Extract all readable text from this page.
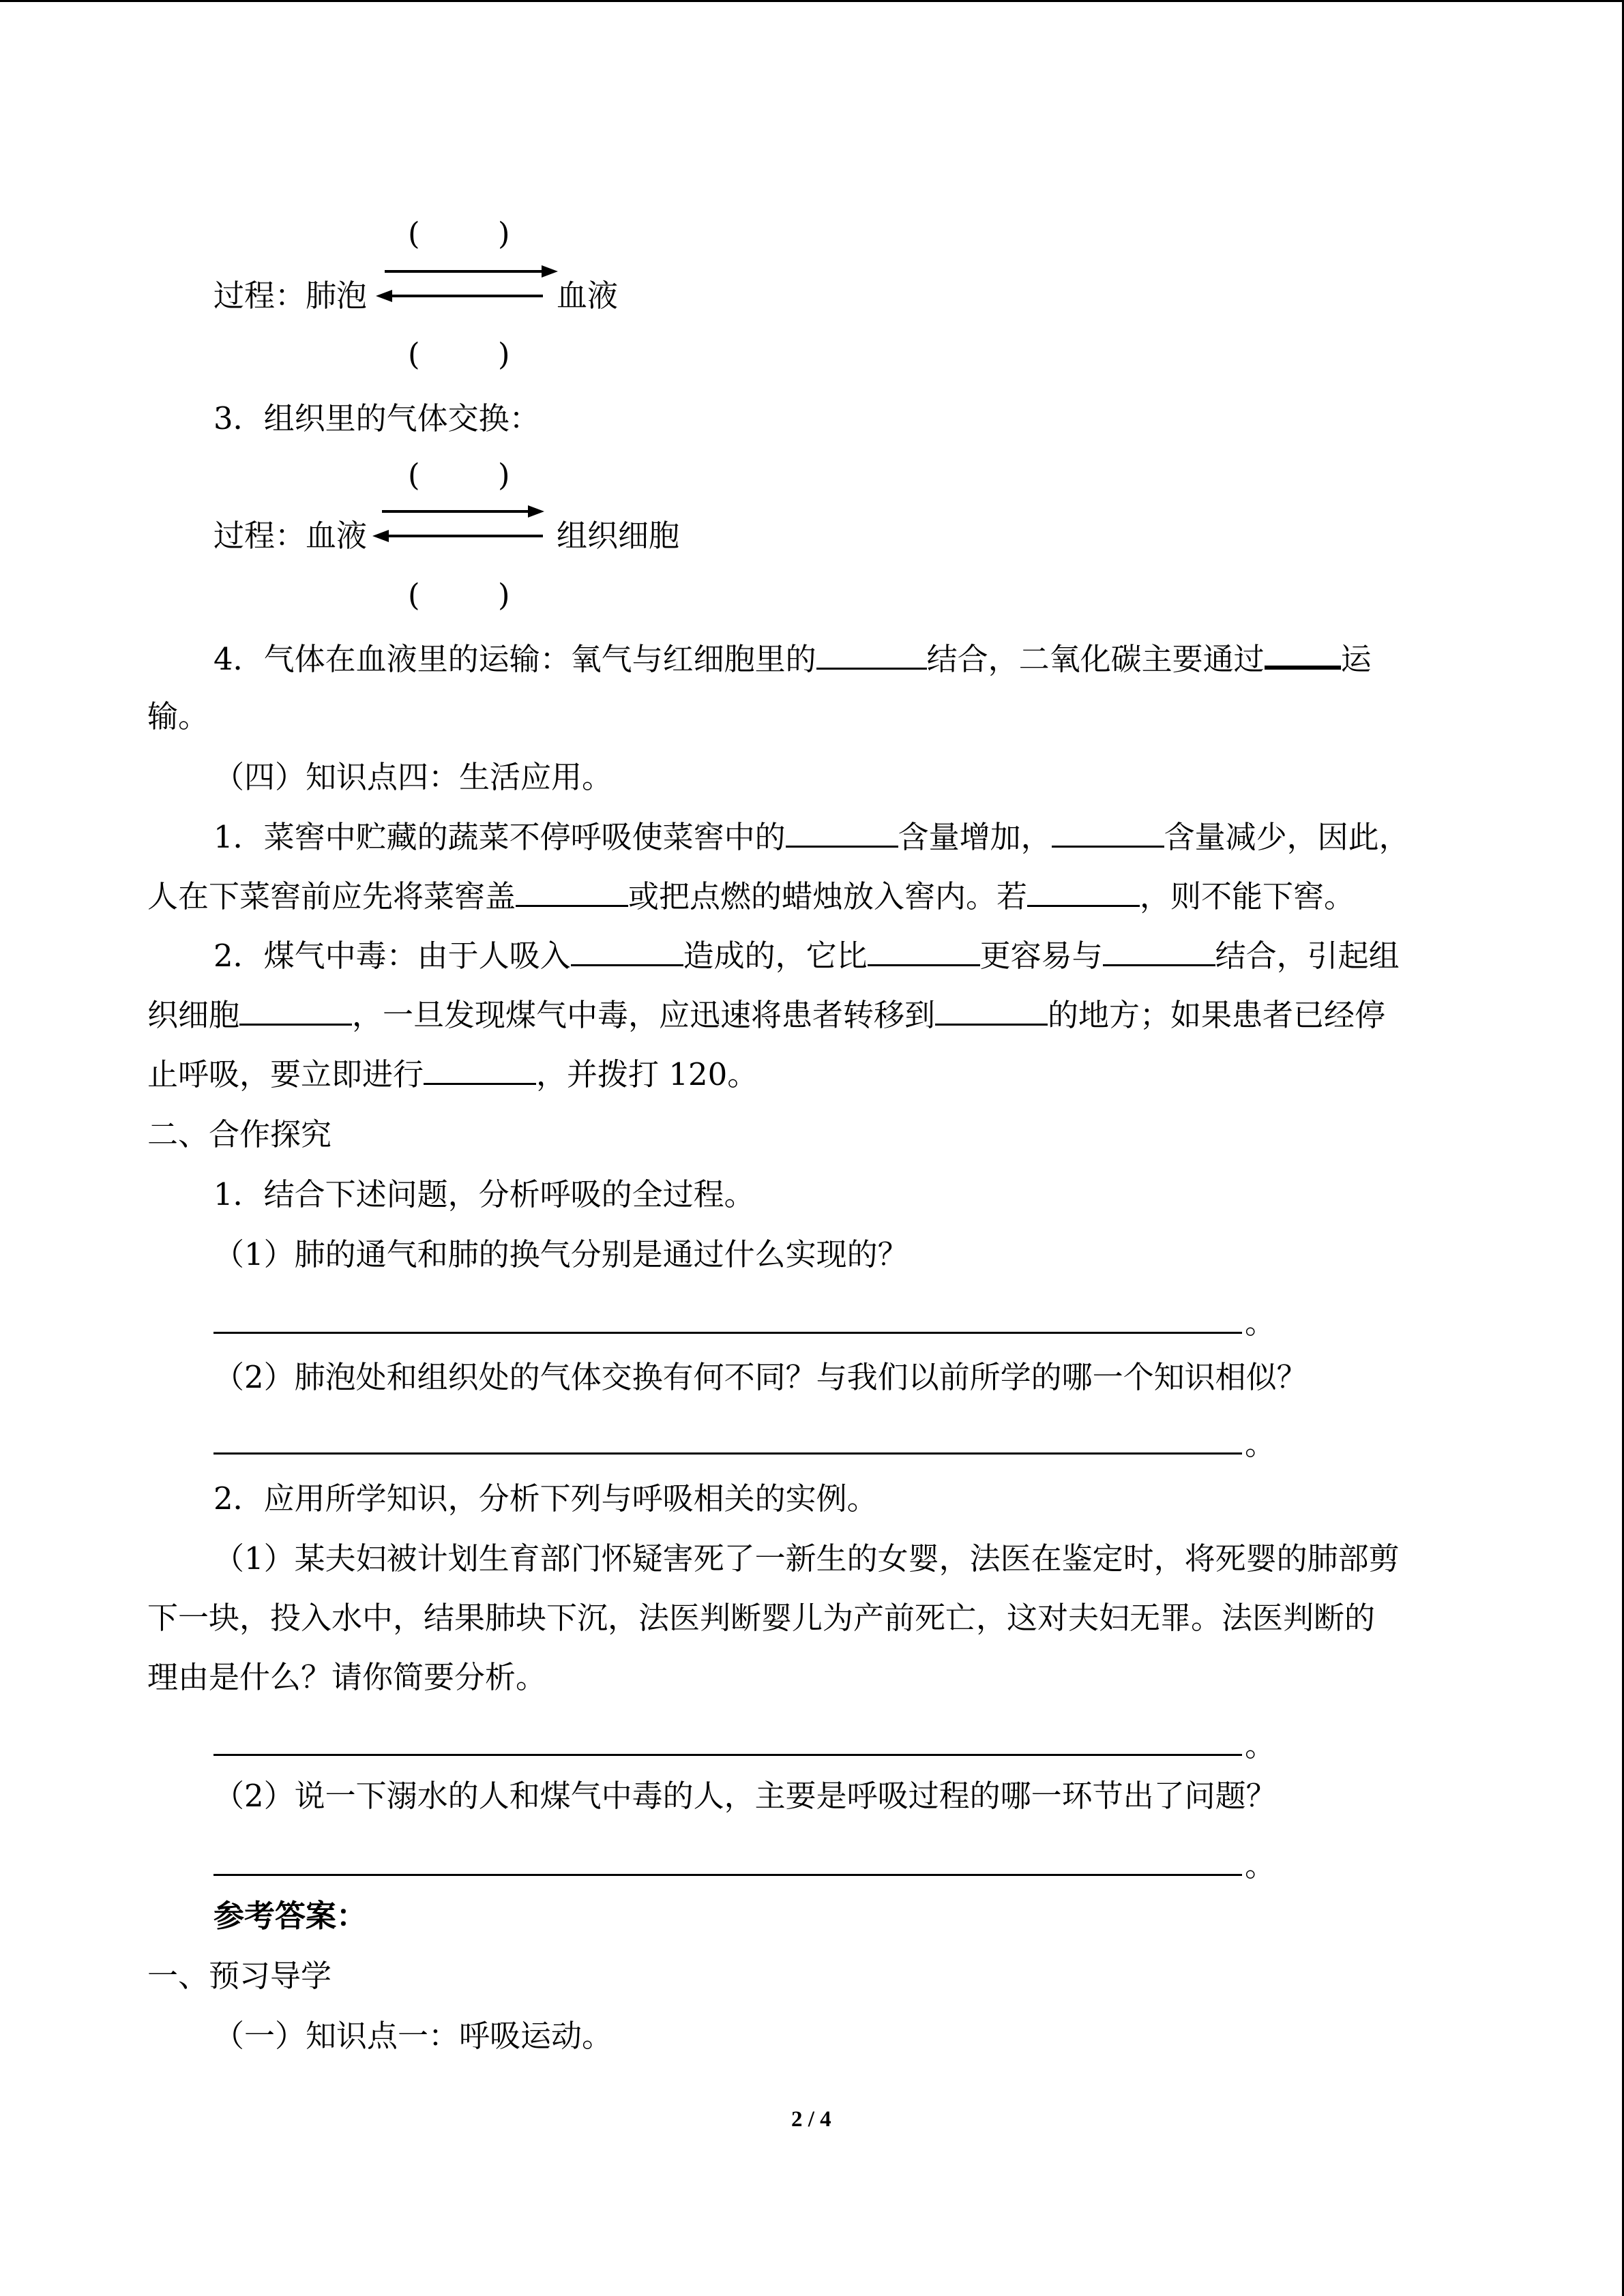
(        )
过程：肺泡	血液
(        )
3．组织里的气体交换：
(        )
过程：血液	组织细胞
(        )
4．气体在血液里的运输：氧气与红细胞里的	结合，二氧化碳主要通过 运
输。
（四）知识点四：生活应用。
1．菜窖中贮藏的蔬菜不停呼吸使菜窖中的	含量增加，	含量减少，因此，
人在下菜窖前应先将菜窖盖	或把点燃的蜡烛放入窖内。若	，则不能下窖。
2．煤气中毒：由于人吸入	造成的，它比	更容易与	结合，引起组
织细胞	，一旦发现煤气中毒，应迅速将患者转移到	的地方；如果患者已经停
止呼吸，要立即进行	，并拨打 120。
二、合作探究
1．结合下述问题，分析呼吸的全过程。
（1）肺的通气和肺的换气分别是通过什么实现的？
。
（2）肺泡处和组织处的气体交换有何不同？与我们以前所学的哪一个知识相似？
。
2．应用所学知识，分析下列与呼吸相关的实例。
（1）某夫妇被计划生育部门怀疑害死了一新生的女婴，法医在鉴定时，将死婴的肺部剪
下一块，投入水中，结果肺块下沉，法医判断婴儿为产前死亡，这对夫妇无罪。法医判断的
理由是什么？请你简要分析。
。
（2）说一下溺水的人和煤气中毒的人，主要是呼吸过程的哪一环节出了问题？
。
参考答案：
一、预习导学
（一）知识点一：呼吸运动。
2 / 4
